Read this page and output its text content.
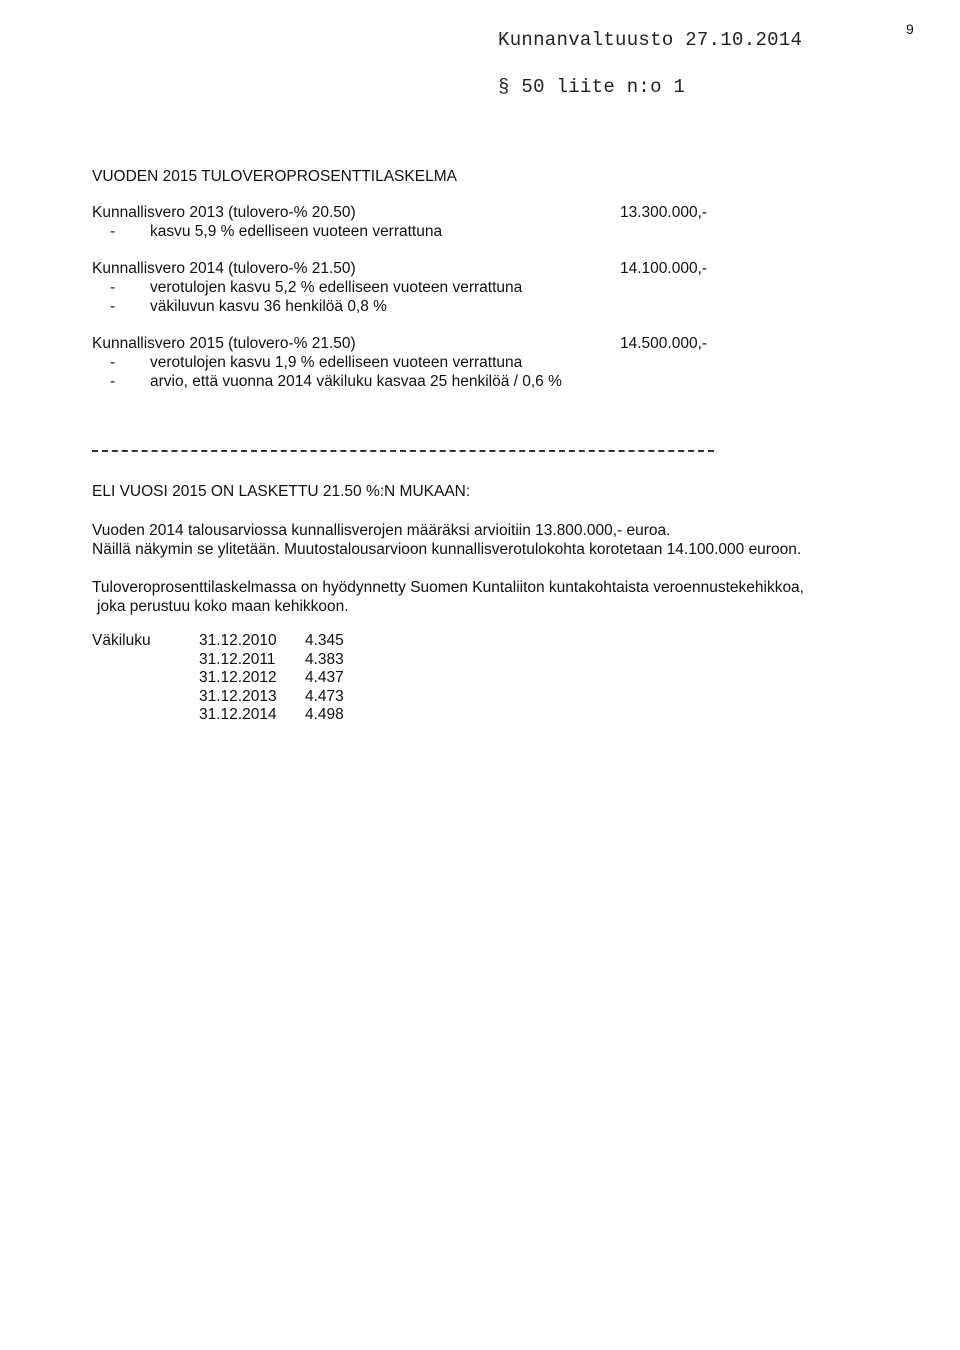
Kunnanvaltuusto 27.10.2014	9
§ 50 liite n:o 1
VUODEN 2015 TULOVEROPROSENTTILASKELMA
Kunnallisvero 2013 (tulovero-% 20.50)	13.300.000,-
- kasvu 5,9 % edelliseen vuoteen verrattuna
Kunnallisvero 2014 (tulovero-% 21.50)	14.100.000,-
- verotulojen kasvu 5,2 % edelliseen vuoteen verrattuna
- väkiluvun kasvu 36 henkilöä 0,8 %
Kunnallisvero 2015 (tulovero-% 21.50)	14.500.000,-
- verotulojen kasvu 1,9 % edelliseen vuoteen verrattuna
- arvio, että vuonna 2014 väkiluku kasvaa 25 henkilöä / 0,6 %
ELI VUOSI 2015 ON LASKETTU 21.50 %:N MUKAAN:
Vuoden 2014 talousarviossa kunnallisverojen määräksi arvioitiin 13.800.000,- euroa.
Näillä näkymin se ylitetään. Muutostalousarvioon kunnallisverotulokohta korotetaan 14.100.000 euroon.
Tuloveroprosenttilaskelmassa on hyödynnetty Suomen Kuntaliiton kuntakohtaista veroennustekehikkoa,
joka perustuu koko maan kehikkoon.
Väkiluku	31.12.2010 4.345
31.12.2011 4.383
31.12.2012 4.437
31.12.2013 4.473
31.12.2014 4.498
